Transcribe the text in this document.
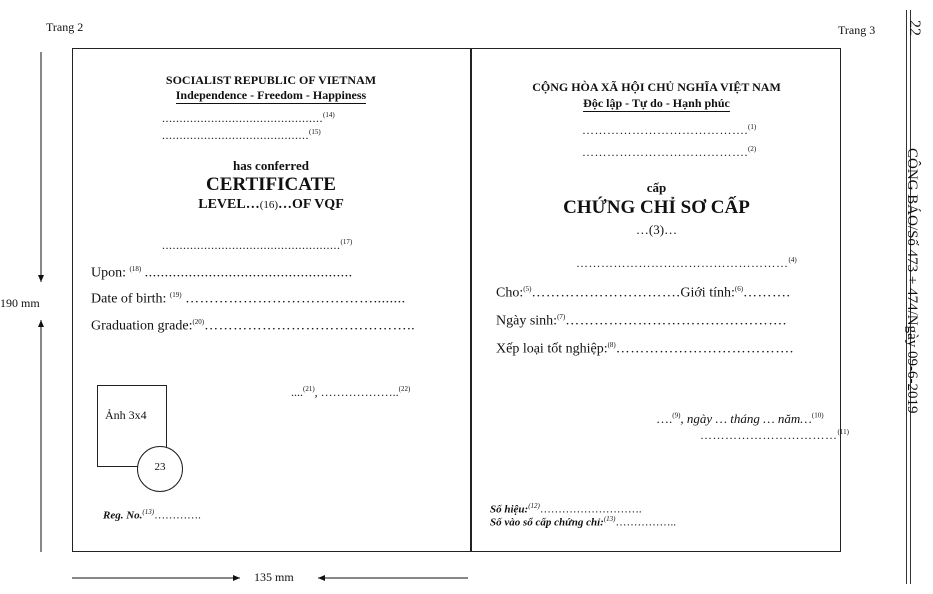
Trang 2	Trang 3 22
CÔNG BÁO/Số 473 + 474/Ngày 09-6-2019
190 mm
135 mm
SOCIALIST REPUBLIC OF VIETNAM
Independence - Freedom - Happiness
..............................................$^{(14)}$
..........................................$^{(15)}$
has conferred
CERTIFICATE
LEVEL…(16)…OF VQF
...................................................$^{(17)}$
Upon: $^{(18)}$ ....................................................
Date of birth: $^{(19)}$ …………………………………........
Graduation grade:$^{(20)}$……………………………………..
....$^{(21)}$, ………………..$^{(22)}$
Ảnh 3x4
23
Reg. No.$^{(13)}$………….
CỘNG HÒA XÃ HỘI CHỦ NGHĨA VIỆT NAM
Độc lập - Tự do - Hạnh phúc
………………………………….$^{(1)}$
………………………………….$^{(2)}$
cấp
CHỨNG CHỈ SƠ CẤP
…(3)…
……………………………………………$^{(4)}$
Cho:$^{(5)}$………………………….Giới tính:$^{(6)}$……….
Ngày sinh:$^{(7)}$……………………………………….
Xếp loại tốt nghiệp:$^{(8)}$……………………………….
….$^{(9)}$, ngày … tháng … năm…$^{(10)}$
……………………………$^{(11)}$
Số hiệu:$^{(12)}$……………………….
Số vào sổ cấp chứng chỉ:$^{(13)}$……………..
